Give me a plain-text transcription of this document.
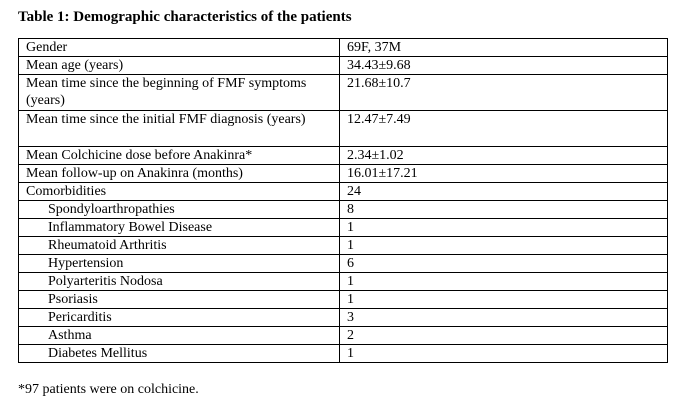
Table 1: Demographic characteristics of the patients
Gender	69F, 37M
Mean age (years)	34.43±9.68
Mean time since the beginning of FMF symptoms (years)	21.68±10.7
Mean time since the initial FMF diagnosis (years)	12.47±7.49
Mean Colchicine dose before Anakinra*	2.34±1.02
Mean follow-up on Anakinra (months)	16.01±17.21
Comorbidities	24
Spondyloarthropathies	8
Inflammatory Bowel Disease	1
Rheumatoid Arthritis	1
Hypertension	6
Polyarteritis Nodosa	1
Psoriasis	1
Pericarditis	3
Asthma	2
Diabetes Mellitus	1
*97 patients were on colchicine.
